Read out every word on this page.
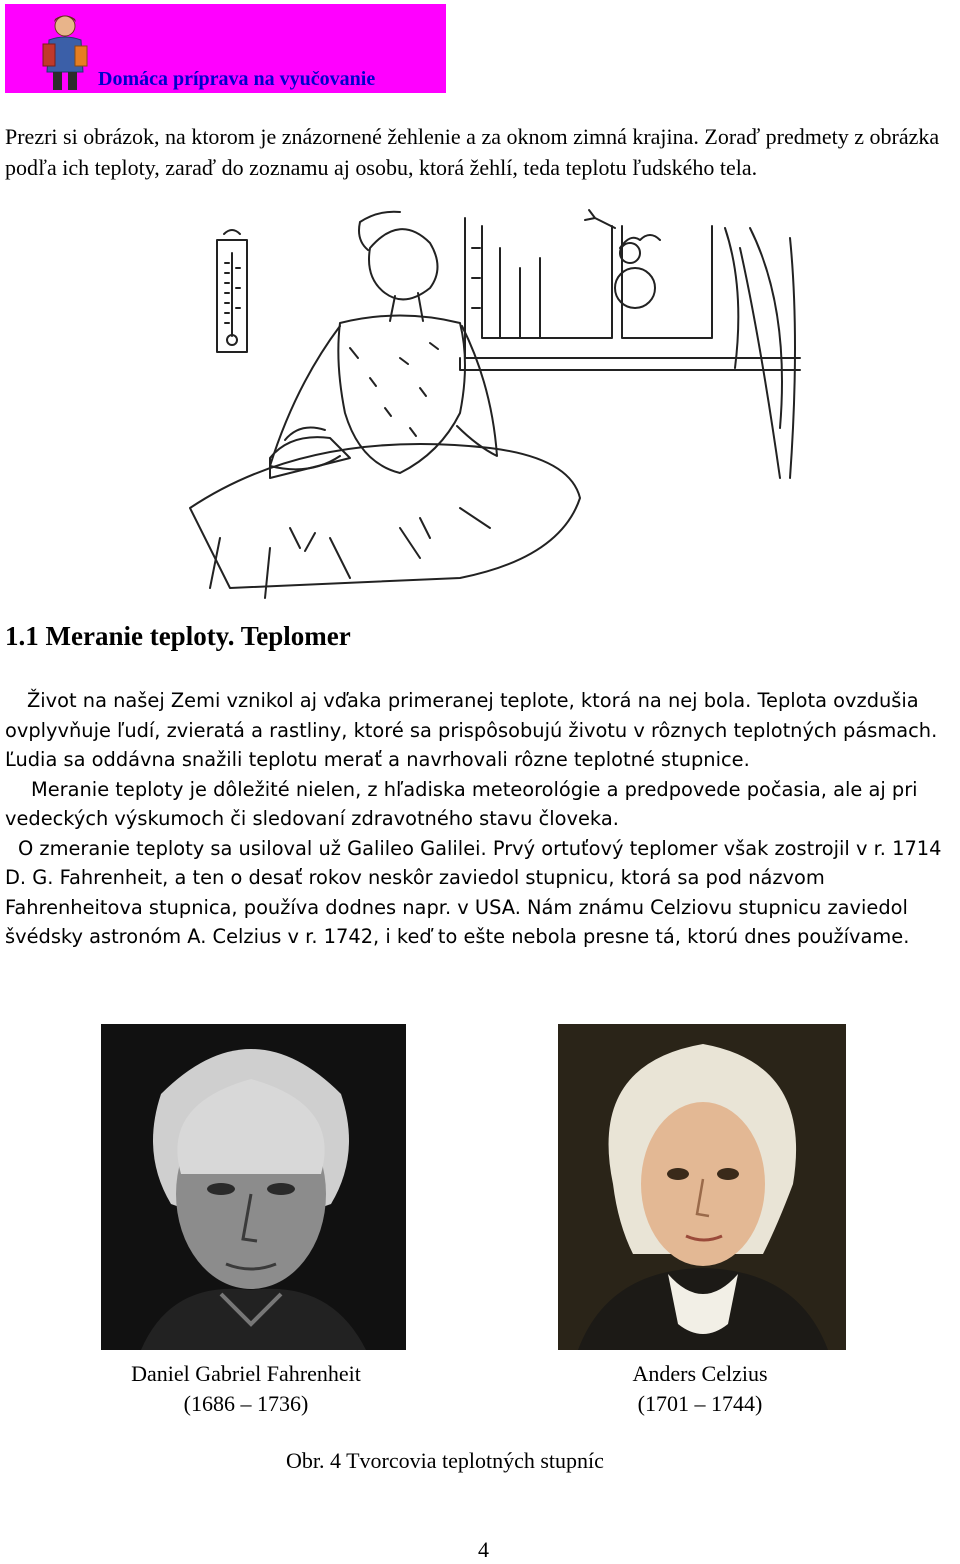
Domáca príprava na vyučovanie

Prezri si obrázok, na ktorom je znázornené žehlenie a za oknom zimná krajina. Zoraď predmety z obrázka podľa ich teploty, zaraď do zoznamu aj osobu, ktorá žehlí, teda teplotu ľudského tela.

1.1 Meranie teploty. Teplomer

Život na našej Zemi vznikol aj vďaka primeranej teplote, ktorá na nej bola. Teplota ovzdušia ovplyvňuje ľudí, zvieratá a rastliny, ktoré sa prispôsobujú životu v rôznych teplotných pásmach. Ľudia sa oddávna snažili teplotu merať a navrhovali rôzne teplotné stupnice.

Meranie teploty je dôležité nielen, z hľadiska meteorológie a predpovede počasia, ale aj pri vedeckých výskumoch či sledovaní zdravotného stavu človeka.

O zmeranie teploty sa usiloval už Galileo Galilei. Prvý ortuťový teplomer však zostrojil v r. 1714 D. G. Fahrenheit, a ten o desať rokov neskôr zaviedol stupnicu, ktorá sa pod názvom Fahrenheitova stupnica, používa dodnes napr. v USA. Nám známu Celziovu stupnicu zaviedol švédsky astronóm A. Celzius v r. 1742, i keď to ešte nebola presne tá, ktorú dnes používame.

Daniel Gabriel Fahrenheit
(1686 – 1736)
Anders Celzius
(1701 – 1744)
Obr. 4 Tvorcovia teplotných stupníc
4
